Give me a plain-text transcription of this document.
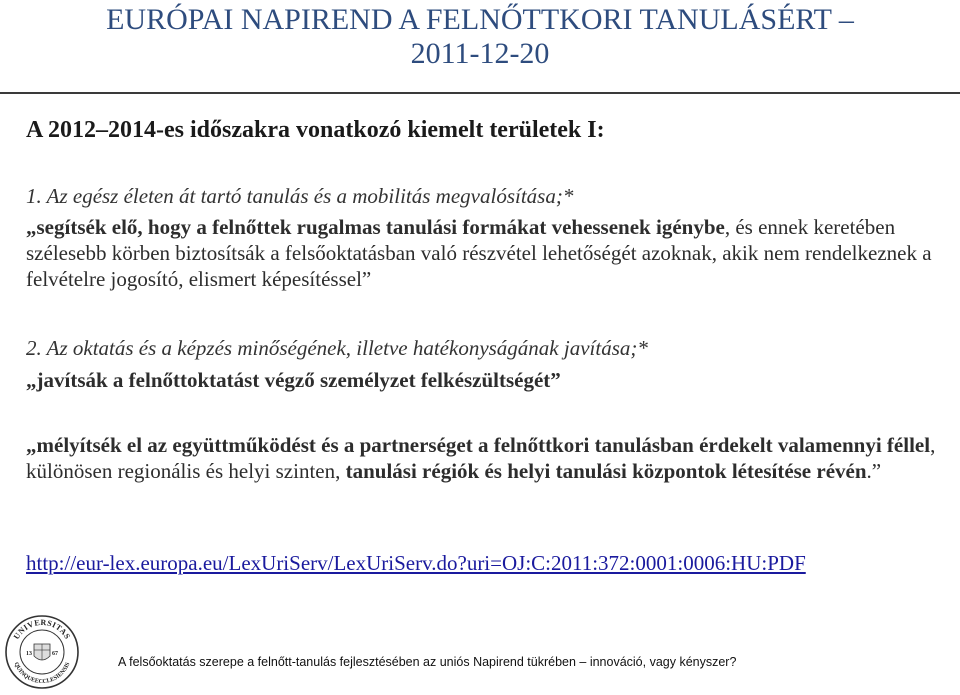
EURÓPAI NAPIREND A FELNŐTTKORI TANULÁSÉRT –
2011-12-20
A 2012–2014-es időszakra vonatkozó kiemelt területek I:
1. Az egész életen át tartó tanulás és a mobilitás megvalósítása;*

„segítsék elő, hogy a felnőttek rugalmas tanulási formákat vehessenek igénybe, és ennek keretében szélesebb körben biztosítsák a felsőoktatásban való részvétel lehetőségét azoknak, akik nem rendelkeznek a felvételre jogosító, elismert képesítéssel”

2. Az oktatás és a képzés minőségének, illetve hatékonyságának javítása;*

„javítsák a felnőttoktatást végző személyzet felkészültségét”

„mélyítsék el az együttműködést és a partnerséget a felnőttkori tanulásban érdekelt valamennyi féllel, különösen regionális és helyi szinten, tanulási régiók és helyi tanulási központok létesítése révén.”

http://eur-lex.europa.eu/LexUriServ/LexUriServ.do?uri=OJ:C:2011:372:0001:0006:HU:PDF
UNIVERSITAS
QUINQUEECCLESIENSIS
13	67
A felsőoktatás szerepe a felnőtt-tanulás fejlesztésében az uniós Napirend tükrében – innováció, vagy kényszer?
